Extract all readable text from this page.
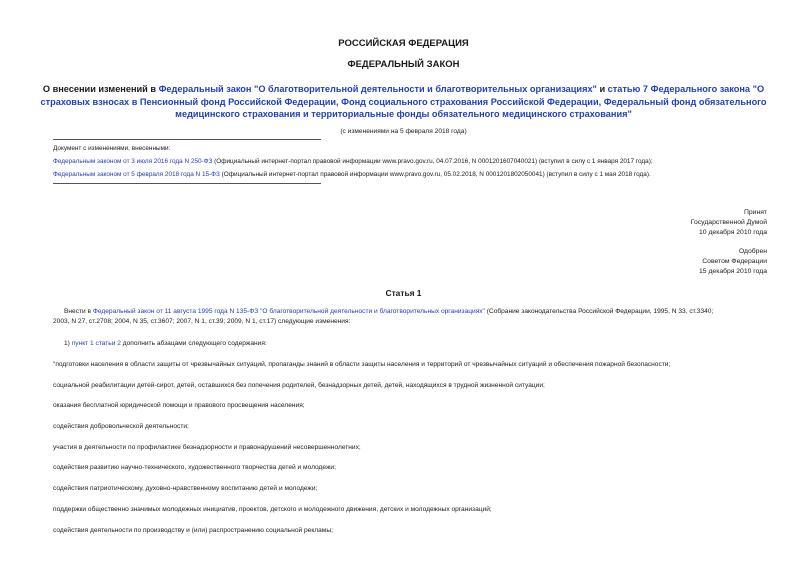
РОССИЙСКАЯ ФЕДЕРАЦИЯ
ФЕДЕРАЛЬНЫЙ ЗАКОН
О внесении изменений в Федеральный закон "О благотворительной деятельности и благотворительных организациях" и статью 7 Федерального закона "О страховых взносах в Пенсионный фонд Российской Федерации, Фонд социального страхования Российской Федерации, Федеральный фонд обязательного медицинского страхования и территориальные фонды обязательного медицинского страхования"
(с изменениями на 5 февраля 2018 года)
Документ с изменениями, внесенными:
Федеральным законом от 3 июля 2016 года N 250-ФЗ (Официальный интернет-портал правовой информации www.pravo.gov.ru, 04.07.2016, N 0001201607040021) (вступил в силу с 1 января 2017 года);
Федеральным законом от 5 февраля 2018 года N 15-ФЗ (Официальный интернет-портал правовой информации www.pravo.gov.ru, 05.02.2018, N 0001201802050041) (вступил в силу с 1 мая 2018 года).
Принят
Государственной Думой
10 декабря 2010 года
Одобрен
Советом Федерации
15 декабря 2010 года
Статья 1
Внести в Федеральный закон от 11 августа 1995 года N 135-ФЗ "О благотворительной деятельности и благотворительных организациях" (Собрание законодательства Российской Федерации, 1995, N 33, ст.3340;
2003, N 27, ст.2708; 2004, N 35, ст.3607; 2007, N 1, ст.39; 2009, N 1, ст.17) следующие изменения:
1) пункт 1 статьи 2 дополнить абзацами следующего содержания:
"подготовки населения в области защиты от чрезвычайных ситуаций, пропаганды знаний в области защиты населения и территорий от чрезвычайных ситуаций и обеспечения пожарной безопасности;
социальной реабилитации детей-сирот, детей, оставшихся без попечения родителей, безнадзорных детей, детей, находящихся в трудной жизненной ситуации;
оказания бесплатной юридической помощи и правового просвещения населения;
содействия добровольческой деятельности;
участия в деятельности по профилактике безнадзорности и правонарушений несовершеннолетних;
содействия развитию научно-технического, художественного творчества детей и молодежи;
содействия патриотическому, духовно-нравственному воспитанию детей и молодежи;
поддержки общественно значимых молодежных инициатив, проектов, детского и молодежного движения, детских и молодежных организаций;
содействия деятельности по производству и (или) распространению социальной рекламы;
